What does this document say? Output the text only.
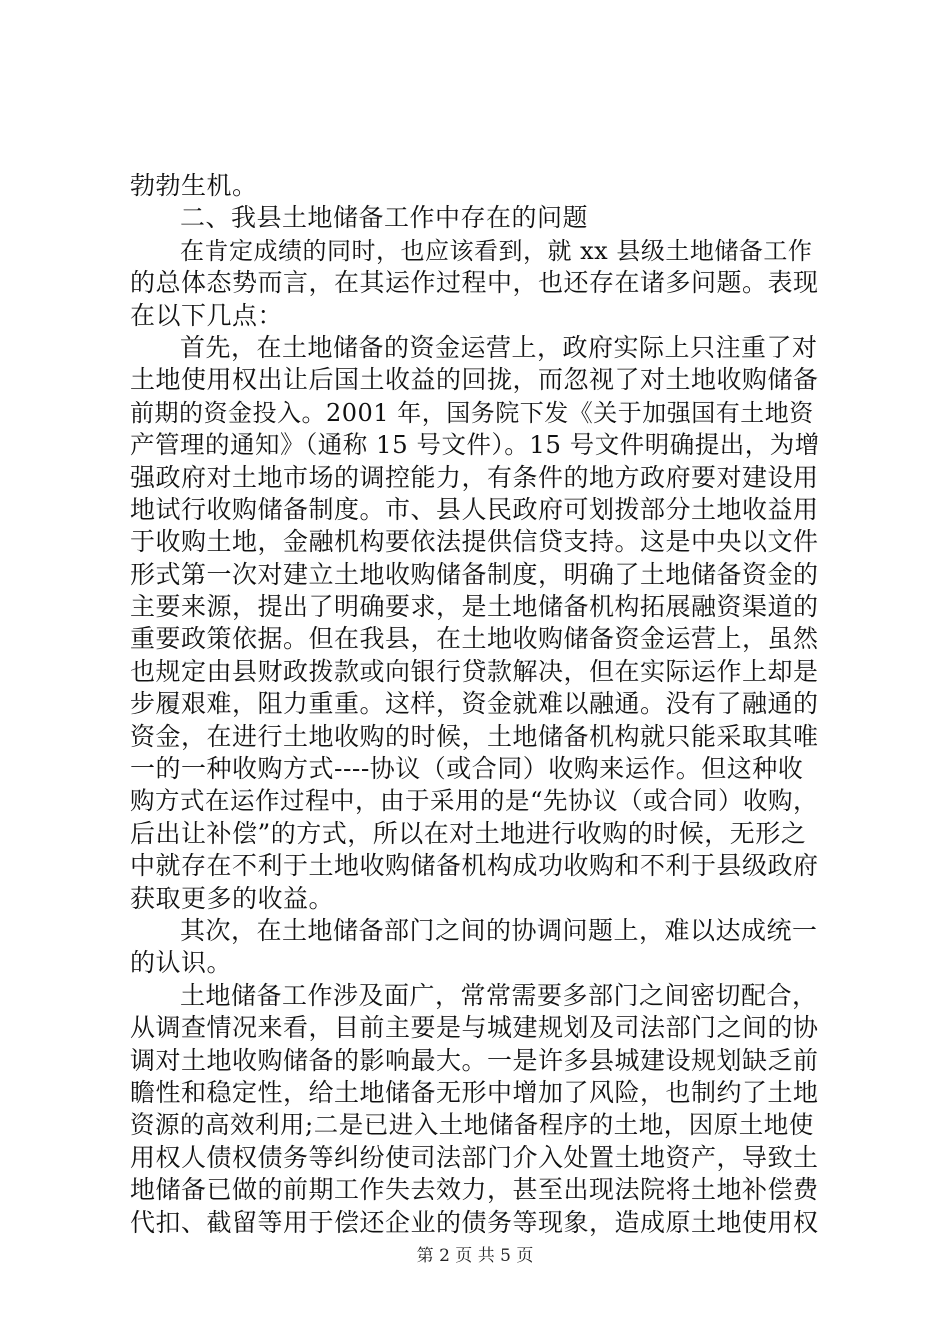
勃勃生机。
二、我县土地储备工作中存在的问题
在肯定成绩的同时，也应该看到，就 xx 县级土地储备工作
的总体态势而言，在其运作过程中，也还存在诸多问题。表现
在以下几点：
首先，在土地储备的资金运营上，政府实际上只注重了对
土地使用权出让后国土收益的回拢，而忽视了对土地收购储备
前期的资金投入。2001 年，国务院下发《关于加强国有土地资
产管理的通知》（通称 15 号文件）。15 号文件明确提出，为增
强政府对土地市场的调控能力，有条件的地方政府要对建设用
地试行收购储备制度。市、县人民政府可划拨部分土地收益用
于收购土地，金融机构要依法提供信贷支持。这是中央以文件
形式第一次对建立土地收购储备制度，明确了土地储备资金的
主要来源，提出了明确要求，是土地储备机构拓展融资渠道的
重要政策依据。但在我县，在土地收购储备资金运营上，虽然
也规定由县财政拨款或向银行贷款解决，但在实际运作上却是
步履艰难，阻力重重。这样，资金就难以融通。没有了融通的
资金，在进行土地收购的时候，土地储备机构就只能采取其唯
一的一种收购方式----协议（或合同）收购来运作。但这种收
购方式在运作过程中，由于采用的是“先协议（或合同）收购，
后出让补偿”的方式，所以在对土地进行收购的时候，无形之
中就存在不利于土地收购储备机构成功收购和不利于县级政府
获取更多的收益。
其次，在土地储备部门之间的协调问题上，难以达成统一
的认识。
土地储备工作涉及面广，常常需要多部门之间密切配合，
从调查情况来看，目前主要是与城建规划及司法部门之间的协
调对土地收购储备的影响最大。一是许多县城建设规划缺乏前
瞻性和稳定性，给土地储备无形中增加了风险，也制约了土地
资源的高效利用;二是已进入土地储备程序的土地，因原土地使
用权人债权债务等纠纷使司法部门介入处置土地资产，导致土
地储备已做的前期工作失去效力，甚至出现法院将土地补偿费
代扣、截留等用于偿还企业的债务等现象，造成原土地使用权
第 2 页 共 5 页
